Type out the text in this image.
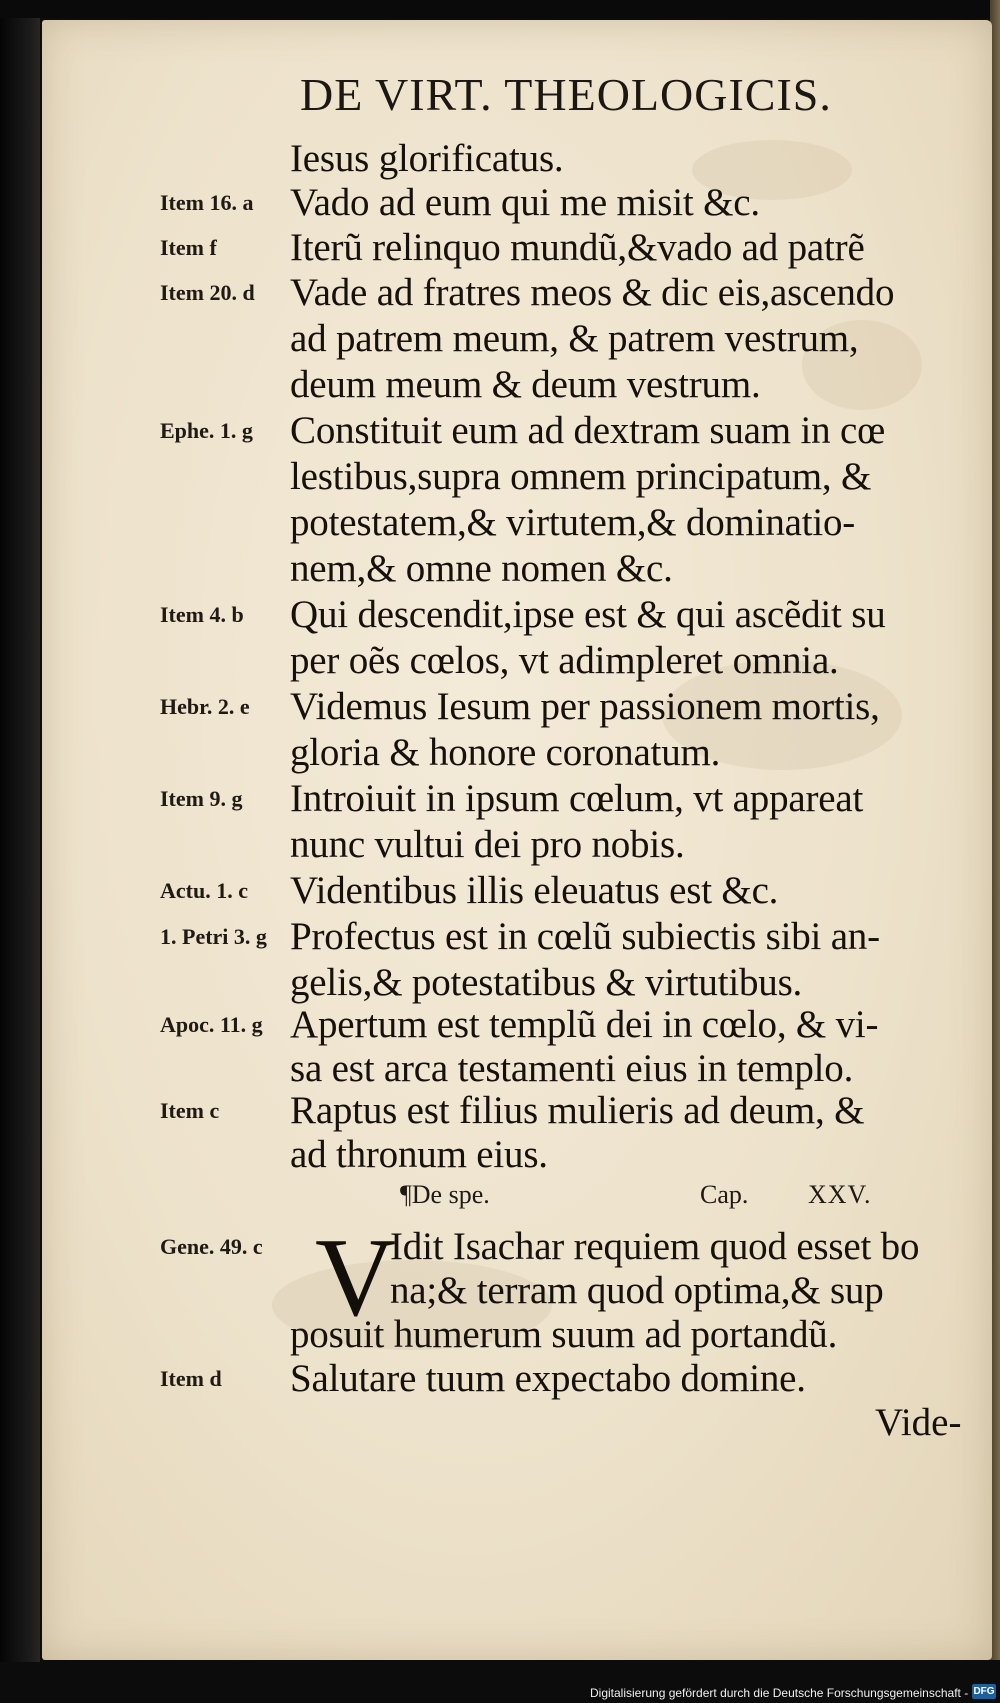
DE VIRT. THEOLOGICIS.
Iesus glorificatus.
Item 16. a Vado ad eum qui me misit &c.
Item f Iterũ relinquo mundũ,&vado ad patrẽ
Item 20. d Vade ad fratres meos & dic eis,ascendo
ad patrem meum, & patrem vestrum,
deum meum & deum vestrum.
Ephe. 1. g Constituit eum ad dextram suam in cœ
lestibus,supra omnem principatum, &
potestatem,& virtutem,& dominatio-
nem,& omne nomen &c.
Item 4. b Qui descendit,ipse est & qui ascẽdit su
per oẽs cœlos, vt adimpleret omnia.
Hebr. 2. e Videmus Iesum per passionem mortis,
gloria & honore coronatum.
Item 9. g Introiuit in ipsum cœlum, vt appareat
nunc vultui dei pro nobis.
Actu. 1. c Videntibus illis eleuatus est &c.
1. Petri 3. g Profectus est in cœlũ subiectis sibi an-
gelis,& potestatibus & virtutibus.
Apoc. 11. g Apertum est templũ dei in cœlo, & vi-
sa est arca testamenti eius in templo.
Item c Raptus est filius mulieris ad deum, &
ad thronum eius.
¶De spe.	Cap. XXV.
V
Gene. 49. c	Idit Isachar requiem quod esset bo
na;& terram quod optima,& sup
posuit humerum suum ad portandũ.
Item d Salutare tuum expectabo domine.
Vide-
Digitalisierung gefördert durch die Deutsche Forschungsgemeinschaft - DFG
